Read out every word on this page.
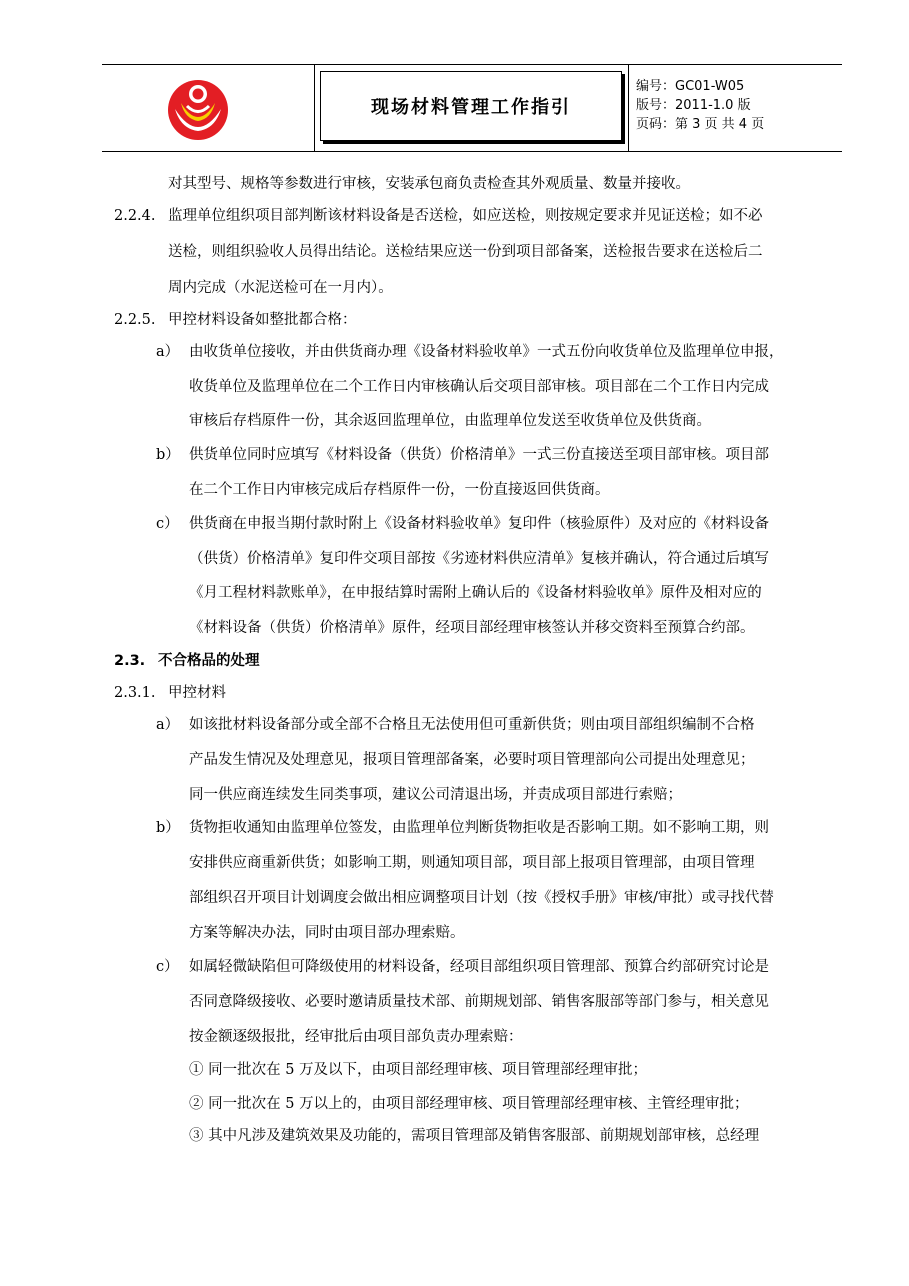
现场材料管理工作指引
编号：GC01-W05
版号：2011-1.0 版
页码：第 3 页 共 4 页
对其型号、规格等参数进行审核，安装承包商负责检查其外观质量、数量并接收。
2.2.4. 监理单位组织项目部判断该材料设备是否送检，如应送检，则按规定要求并见证送检；如不必
送检，则组织验收人员得出结论。送检结果应送一份到项目部备案，送检报告要求在送检后二
周内完成（水泥送检可在一月内）。
2.2.5. 甲控材料设备如整批都合格：
a） 由收货单位接收，并由供货商办理《设备材料验收单》一式五份向收货单位及监理单位申报，
收货单位及监理单位在二个工作日内审核确认后交项目部审核。项目部在二个工作日内完成
审核后存档原件一份，其余返回监理单位，由监理单位发送至收货单位及供货商。
b） 供货单位同时应填写《材料设备（供货）价格清单》一式三份直接送至项目部审核。项目部
在二个工作日内审核完成后存档原件一份，一份直接返回供货商。
c） 供货商在申报当期付款时附上《设备材料验收单》复印件（核验原件）及对应的《材料设备
（供货）价格清单》复印件交项目部按《劣迹材料供应清单》复核并确认，符合通过后填写
《月工程材料款账单》，在申报结算时需附上确认后的《设备材料验收单》原件及相对应的
《材料设备（供货）价格清单》原件，经项目部经理审核签认并移交资料至预算合约部。
2.3. 不合格品的处理
2.3.1. 甲控材料
a） 如该批材料设备部分或全部不合格且无法使用但可重新供货；则由项目部组织编制不合格
产品发生情况及处理意见，报项目管理部备案，必要时项目管理部向公司提出处理意见；
同一供应商连续发生同类事项，建议公司清退出场，并责成项目部进行索赔；
b） 货物拒收通知由监理单位签发，由监理单位判断货物拒收是否影响工期。如不影响工期，则
安排供应商重新供货；如影响工期，则通知项目部，项目部上报项目管理部，由项目管理
部组织召开项目计划调度会做出相应调整项目计划（按《授权手册》审核/审批）或寻找代替
方案等解决办法，同时由项目部办理索赔。
c） 如属轻微缺陷但可降级使用的材料设备，经项目部组织项目管理部、预算合约部研究讨论是
否同意降级接收、必要时邀请质量技术部、前期规划部、销售客服部等部门参与，相关意见
按金额逐级报批，经审批后由项目部负责办理索赔：
① 同一批次在 5 万及以下，由项目部经理审核、项目管理部经理审批；
② 同一批次在 5 万以上的，由项目部经理审核、项目管理部经理审核、主管经理审批；
③ 其中凡涉及建筑效果及功能的，需项目管理部及销售客服部、前期规划部审核，总经理
